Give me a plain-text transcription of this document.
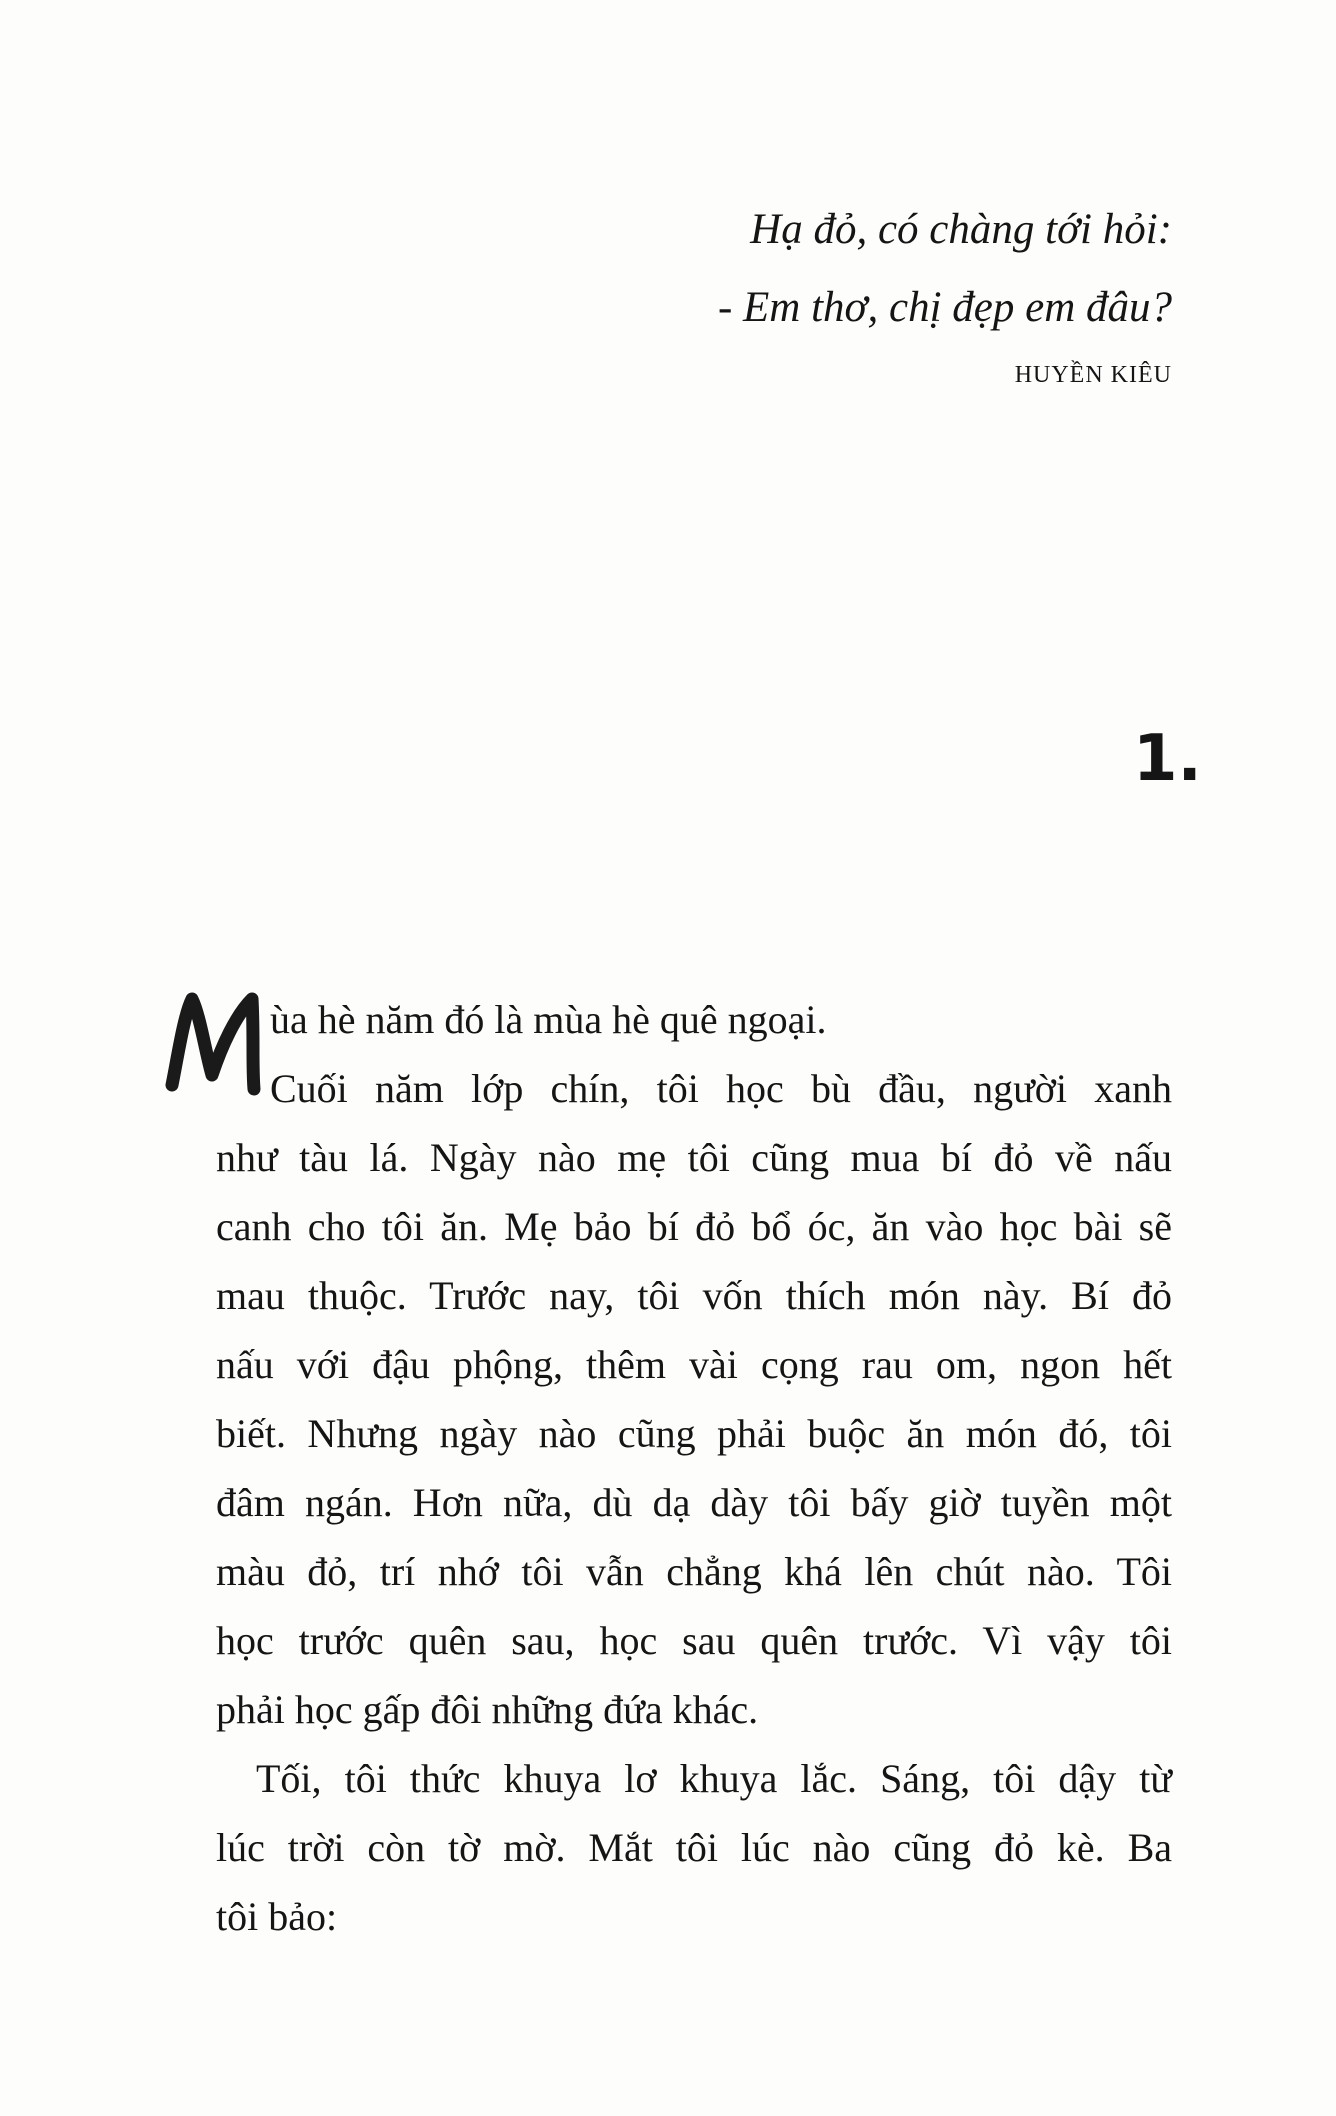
Hạ đỏ, có chàng tới hỏi:
- Em thơ, chị đẹp em đâu?
HUYỀN KIÊU
1.
ùa hè năm đó là mùa hè quê ngoại.
Cuối năm lớp chín, tôi học bù đầu, người xanh
như tàu lá. Ngày nào mẹ tôi cũng mua bí đỏ về nấu
canh cho tôi ăn. Mẹ bảo bí đỏ bổ óc, ăn vào học bài sẽ
mau thuộc. Trước nay, tôi vốn thích món này. Bí đỏ
nấu với đậu phộng, thêm vài cọng rau om, ngon hết
biết. Nhưng ngày nào cũng phải buộc ăn món đó, tôi
đâm ngán. Hơn nữa, dù dạ dày tôi bấy giờ tuyền một
màu đỏ, trí nhớ tôi vẫn chẳng khá lên chút nào. Tôi
học trước quên sau, học sau quên trước. Vì vậy tôi
phải học gấp đôi những đứa khác.
Tối, tôi thức khuya lơ khuya lắc. Sáng, tôi dậy từ
lúc trời còn tờ mờ. Mắt tôi lúc nào cũng đỏ kè. Ba
tôi bảo:
